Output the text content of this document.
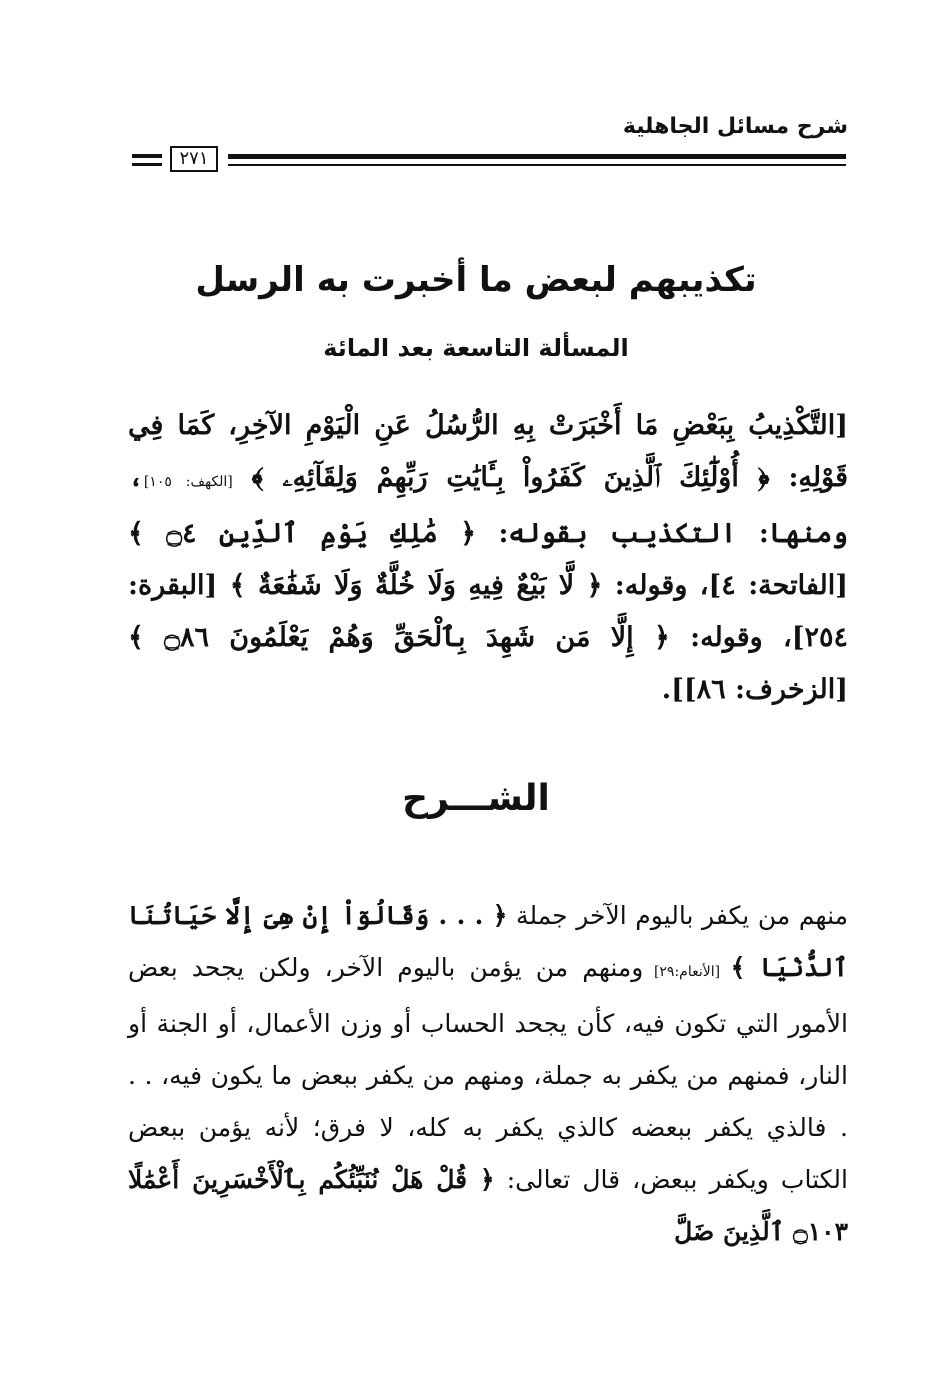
شرح مسائل الجاهلية
٢٧١
تكذيبهم لبعض ما أخبرت به الرسل
المسألة التاسعة بعد المائة

[التَّكْذِيبُ بِبَعْضِ مَا أَخْبَرَتْ بِهِ الرُّسُلُ عَنِ الْيَوْمِ الآخِرِ، كَمَا فِي قَوْلِهِ: ﴿ أُوْلَٰٓئِكَ ٱلَّذِينَ كَفَرُواْ بِـَٔايَٰتِ رَبِّهِمْ وَلِقَآئِهِۦ ﴾ [الكهف: ١٠٥]، ومنها: التكذيب بقوله: ﴿ مَٰلِكِ يَوْمِ ٱلدِّينِ ۝٤ ﴾ [الفاتحة: ٤]، وقوله: ﴿ لَّا بَيْعٌ فِيهِ وَلَا خُلَّةٌ وَلَا شَفَٰعَةٌ ﴾ [البقرة: ٢٥٤]، وقوله: ﴿ إِلَّا مَن شَهِدَ بِٱلْحَقِّ وَهُمْ يَعْلَمُونَ ۝٨٦ ﴾ [الزخرف: ٨٦]].

الشـــرح

منهم من يكفر باليوم الآخر جملة ﴿ . . . وَقَالُوٓاْ إِنْ هِىَ إِلَّا حَيَاتُنَا ٱلدُّنْيَا ﴾ [الأنعام:٢٩] ومنهم من يؤمن باليوم الآخر، ولكن يجحد بعض الأمور التي تكون فيه، كأن يجحد الحساب أو وزن الأعمال، أو الجنة أو النار، فمنهم من يكفر به جملة، ومنهم من يكفر ببعض ما يكون فيه، . . . فالذي يكفر ببعضه كالذي يكفر به كله، لا فرق؛ لأنه يؤمن ببعض الكتاب ويكفر ببعض، قال تعالى: ﴿ قُلْ هَلْ نُنَبِّئُكُم بِٱلْأَخْسَرِينَ أَعْمَٰلًا ۝١٠٣ ٱلَّذِينَ ضَلَّ
